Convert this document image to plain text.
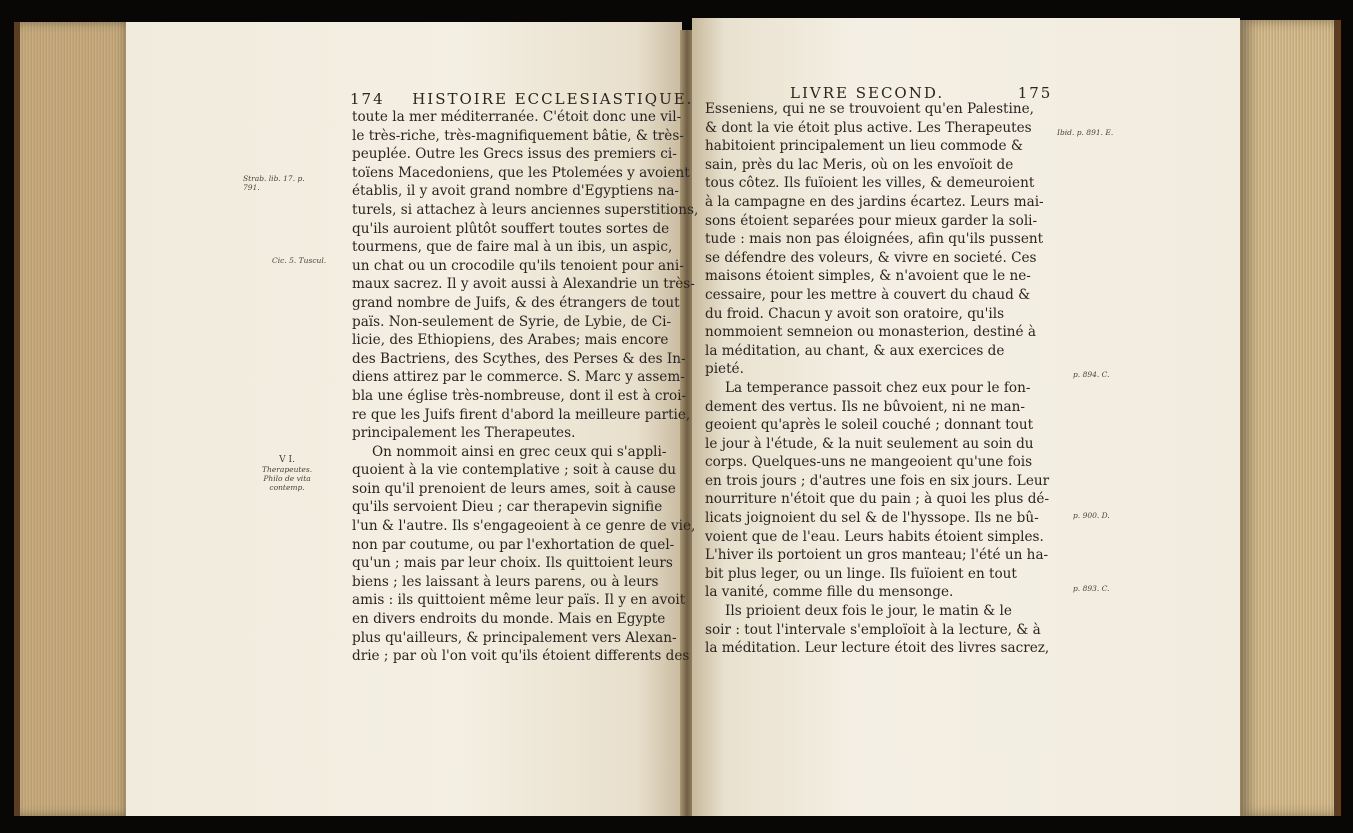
174 HISTOIRE ECCLESIASTIQUE.
toute la mer méditerranée. C'étoit donc une vil-
le très-riche, très-magnifiquement bâtie, & très-
peuplée. Outre les Grecs issus des premiers ci-
toïens Macedoniens, que les Ptolemées y avoient
établis, il y avoit grand nombre d'Egyptiens na-
turels, si attachez à leurs anciennes superstitions,
qu'ils auroient plûtôt souffert toutes sortes de
tourmens, que de faire mal à un ibis, un aspic,
un chat ou un crocodile qu'ils tenoient pour ani-
maux sacrez. Il y avoit aussi à Alexandrie un très-
grand nombre de Juifs, & des étrangers de tout
païs. Non-seulement de Syrie, de Lybie, de Ci-
licie, des Ethiopiens, des Arabes; mais encore
des Bactriens, des Scythes, des Perses & des In-
diens attirez par le commerce. S. Marc y assem-
bla une église très-nombreuse, dont il est à croi-
re que les Juifs firent d'abord la meilleure partie,
principalement les Therapeutes.
On nommoit ainsi en grec ceux qui s'appli-
quoient à la vie contemplative ; soit à cause du
soin qu'il prenoient de leurs ames, soit à cause
qu'ils servoient Dieu ; car therapevin signifie
l'un & l'autre. Ils s'engageoient à ce genre de vie,
non par coutume, ou par l'exhortation de quel-
qu'un ; mais par leur choix. Ils quittoient leurs
biens ; les laissant à leurs parens, ou à leurs
amis : ils quittoient même leur païs. Il y en avoit
en divers endroits du monde. Mais en Egypte
plus qu'ailleurs, & principalement vers Alexan-
drie ; par où l'on voit qu'ils étoient differents des
Strab. lib. 17. p.
791.
Cic. 5. Tuscul.
V I.
Therapeutes.
Philo de vita
contemp.
LIVRE SECOND.	175
Esseniens, qui ne se trouvoient qu'en Palestine,
& dont la vie étoit plus active. Les Therapeutes
habitoient principalement un lieu commode &
sain, près du lac Meris, où on les envoïoit de
tous côtez. Ils fuïoient les villes, & demeuroient
à la campagne en des jardins écartez. Leurs mai-
sons étoient separées pour mieux garder la soli-
tude : mais non pas éloignées, afin qu'ils pussent
se défendre des voleurs, & vivre en societé. Ces
maisons étoient simples, & n'avoient que le ne-
cessaire, pour les mettre à couvert du chaud &
du froid. Chacun y avoit son oratoire, qu'ils
nommoient semneion ou monasterion, destiné à
la méditation, au chant, & aux exercices de
pieté.
La temperance passoit chez eux pour le fon-
dement des vertus. Ils ne bûvoient, ni ne man-
geoient qu'après le soleil couché ; donnant tout
le jour à l'étude, & la nuit seulement au soin du
corps. Quelques-uns ne mangeoient qu'une fois
en trois jours ; d'autres une fois en six jours. Leur
nourriture n'étoit que du pain ; à quoi les plus dé-
licats joignoient du sel & de l'hyssope. Ils ne bû-
voient que de l'eau. Leurs habits étoient simples.
L'hiver ils portoient un gros manteau; l'été un ha-
bit plus leger, ou un linge. Ils fuïoient en tout
la vanité, comme fille du mensonge.
Ils prioient deux fois le jour, le matin & le
soir : tout l'intervale s'emploïoit à la lecture, & à
la méditation. Leur lecture étoit des livres sacrez,
Ibid. p. 891. E.
p. 894. C.
p. 900. D.
p. 893. C.
